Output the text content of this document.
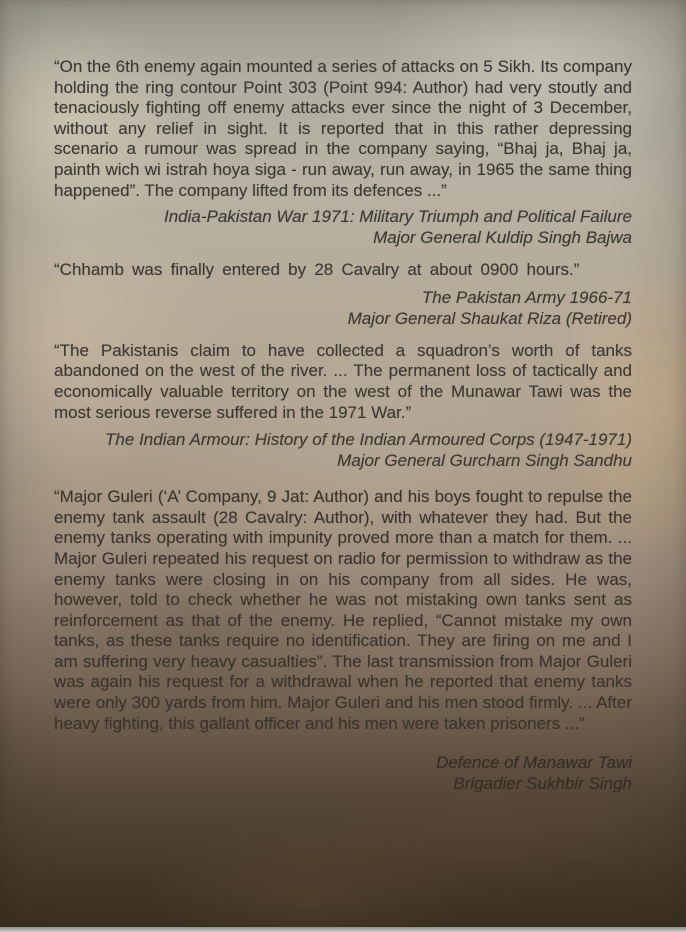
“On the 6th enemy again mounted a series of attacks on 5 Sikh. Its company holding the ring contour Point 303 (Point 994: Author) had very stoutly and tenaciously fighting off enemy attacks ever since the night of 3 December, without any relief in sight. It is reported that in this rather depressing scenario a rumour was spread in the company saying, “Bhaj ja, Bhaj ja, painth wich wi istrah hoya siga - run away, run away, in 1965 the same thing happened”. The company lifted from its defences ...”

India-Pakistan War 1971: Military Triumph and Political Failure
Major General Kuldip Singh Bajwa

“Chhamb was finally entered by 28 Cavalry at about 0900 hours.”

The Pakistan Army 1966-71
Major General Shaukat Riza (Retired)

“The Pakistanis claim to have collected a squadron’s worth of tanks abandoned on the west of the river. ... The permanent loss of tactically and economically valuable territory on the west of the Munawar Tawi was the most serious reverse suffered in the 1971 War.”

The Indian Armour: History of the Indian Armoured Corps (1947-1971)
Major General Gurcharn Singh Sandhu

“Major Guleri (‘A’ Company, 9 Jat: Author) and his boys fought to repulse the enemy tank assault (28 Cavalry: Author), with whatever they had. But the enemy tanks operating with impunity proved more than a match for them. ... Major Guleri repeated his request on radio for permission to withdraw as the enemy tanks were closing in on his company from all sides. He was, however, told to check whether he was not mistaking own tanks sent as reinforcement as that of the enemy. He replied, “Cannot mistake my own tanks, as these tanks require no identification. They are firing on me and I am suffering very heavy casualties”. The last transmission from Major Guleri was again his request for a withdrawal when he reported that enemy tanks were only 300 yards from him. Major Guleri and his men stood firmly. ... After heavy fighting, this gallant officer and his men were taken prisoners ...”

Defence of Manawar Tawi
Brigadier Sukhbir Singh
